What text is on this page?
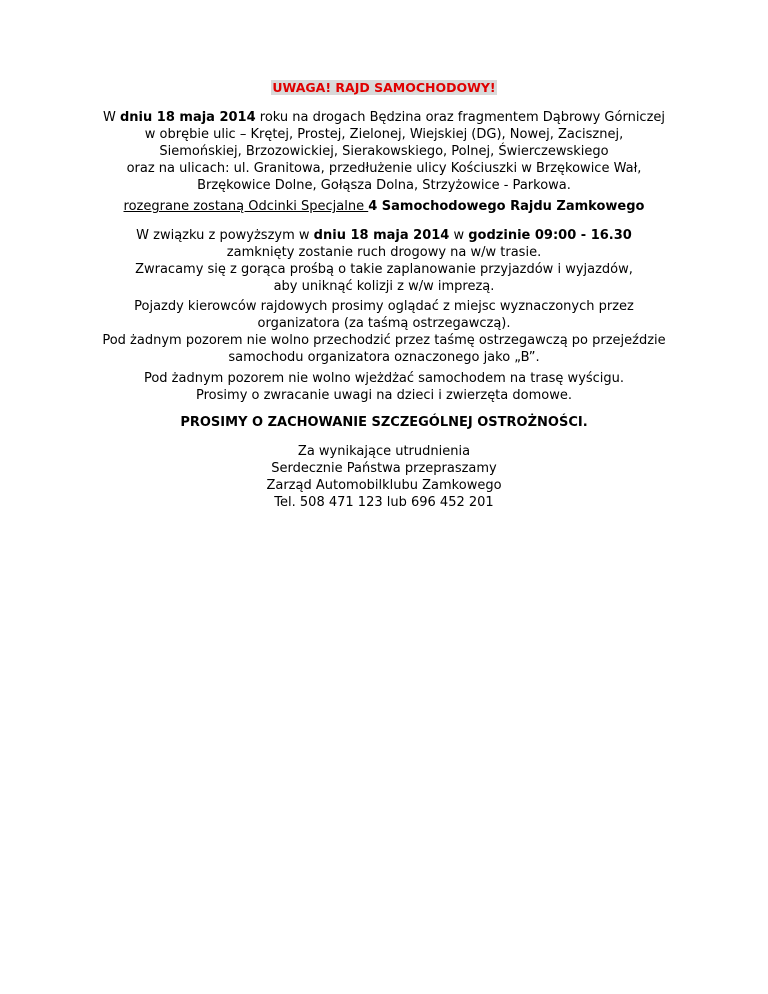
UWAGA! RAJD SAMOCHODOWY!
W dniu 18 maja 2014 roku na drogach Będzina oraz fragmentem Dąbrowy Górniczej
w obrębie ulic – Krętej, Prostej, Zielonej, Wiejskiej (DG), Nowej, Zacisznej,
Siemońskiej, Brzozowickiej, Sierakowskiego, Polnej, Świerczewskiego
oraz na ulicach: ul. Granitowa, przedłużenie ulicy Kościuszki w Brzękowice Wał,
Brzękowice Dolne, Gołąsza Dolna, Strzyżowice - Parkowa.
rozegrane zostaną Odcinki Specjalne 4 Samochodowego Rajdu Zamkowego
W związku z powyższym w dniu 18 maja 2014 w godzinie 09:00 - 16.30
zamknięty zostanie ruch drogowy na w/w trasie.
Zwracamy się z gorąca prośbą o takie zaplanowanie przyjazdów i wyjazdów,
aby uniknąć kolizji z w/w imprezą.
Pojazdy kierowców rajdowych prosimy oglądać z miejsc wyznaczonych przez
organizatora (za taśmą ostrzegawczą).
Pod żadnym pozorem nie wolno przechodzić przez taśmę ostrzegawczą po przejeździe
samochodu organizatora oznaczonego jako „B”.
Pod żadnym pozorem nie wolno wjeżdżać samochodem na trasę wyścigu.
Prosimy o zwracanie uwagi na dzieci i zwierzęta domowe.
PROSIMY O ZACHOWANIE SZCZEGÓLNEJ OSTROŻNOŚCI.
Za wynikające utrudnienia
Serdecznie Państwa przepraszamy
Zarząd Automobilklubu Zamkowego
Tel. 508 471 123 lub 696 452 201
